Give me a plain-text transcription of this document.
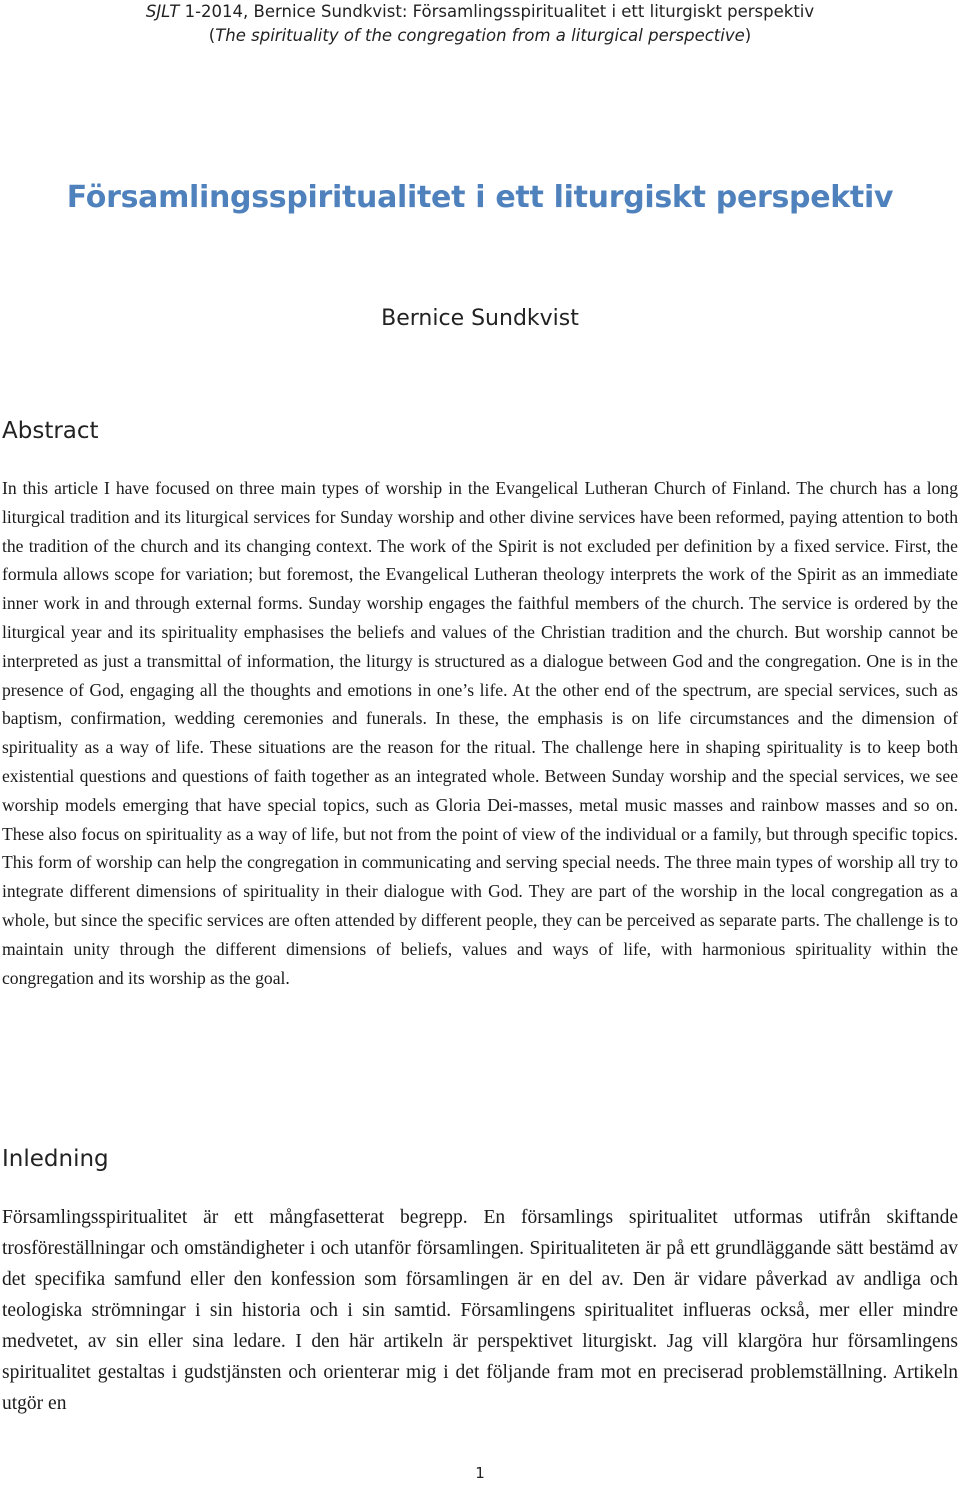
SJLT 1-2014, Bernice Sundkvist: Församlingsspiritualitet i ett liturgiskt perspektiv
(The spirituality of the congregation from a liturgical perspective)
Församlingsspiritualitet i ett liturgiskt perspektiv
Bernice Sundkvist
Abstract

In this article I have focused on three main types of worship in the Evangelical Lutheran Church of Finland. The church has a long liturgical tradition and its liturgical services for Sunday worship and other divine services have been reformed, paying attention to both the tradition of the church and its changing context. The work of the Spirit is not excluded per definition by a fixed service. First, the formula allows scope for variation; but foremost, the Evangelical Lutheran theology interprets the work of the Spirit as an immediate inner work in and through external forms. Sunday worship engages the faithful members of the church. The service is ordered by the liturgical year and its spirituality emphasises the beliefs and values of the Christian tradition and the church. But worship cannot be interpreted as just a transmittal of information, the liturgy is structured as a dialogue between God and the congregation. One is in the presence of God, engaging all the thoughts and emotions in one’s life. At the other end of the spectrum, are special services, such as baptism, confirmation, wedding ceremonies and funerals. In these, the emphasis is on life circumstances and the dimension of spirituality as a way of life. These situations are the reason for the ritual. The challenge here in shaping spirituality is to keep both existential questions and questions of faith together as an integrated whole. Between Sunday worship and the special services, we see worship models emerging that have special topics, such as Gloria Dei-masses, metal music masses and rainbow masses and so on. These also focus on spirituality as a way of life, but not from the point of view of the individual or a family, but through specific topics. This form of worship can help the congregation in communicating and serving special needs. The three main types of worship all try to integrate different dimensions of spirituality in their dialogue with God. They are part of the worship in the local congregation as a whole, but since the specific services are often attended by different people, they can be perceived as separate parts. The challenge is to maintain unity through the different dimensions of beliefs, values and ways of life, with harmonious spirituality within the congregation and its worship as the goal.

Inledning

Församlingsspiritualitet är ett mångfasetterat begrepp. En församlings spiritualitet utformas utifrån skiftande trosföreställningar och omständigheter i och utanför församlingen. Spiritualiteten är på ett grundläggande sätt bestämd av det specifika samfund eller den konfession som församlingen är en del av. Den är vidare påverkad av andliga och teologiska strömningar i sin historia och i sin samtid. Församlingens spiritualitet influeras också, mer eller mindre medvetet, av sin eller sina ledare. I den här artikeln är perspektivet liturgiskt. Jag vill klargöra hur församlingens spiritualitet gestaltas i gudstjänsten och orienterar mig i det följande fram mot en preciserad problemställning. Artikeln utgör en

1
